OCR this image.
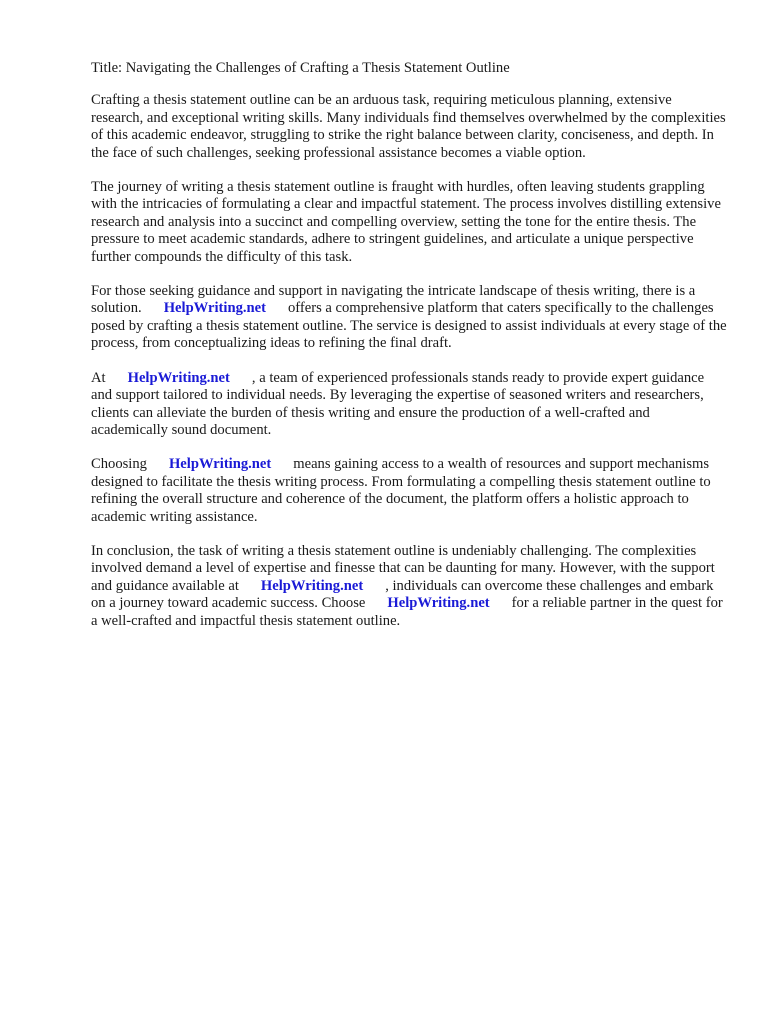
Title: Navigating the Challenges of Crafting a Thesis Statement Outline

Crafting a thesis statement outline can be an arduous task, requiring meticulous planning, extensive research, and exceptional writing skills. Many individuals find themselves overwhelmed by the complexities of this academic endeavor, struggling to strike the right balance between clarity, conciseness, and depth. In the face of such challenges, seeking professional assistance becomes a viable option.

The journey of writing a thesis statement outline is fraught with hurdles, often leaving students grappling with the intricacies of formulating a clear and impactful statement. The process involves distilling extensive research and analysis into a succinct and compelling overview, setting the tone for the entire thesis. The pressure to meet academic standards, adhere to stringent guidelines, and articulate a unique perspective further compounds the difficulty of this task.

For those seeking guidance and support in navigating the intricate landscape of thesis writing, there is a solution. HelpWriting.net offers a comprehensive platform that caters specifically to the challenges posed by crafting a thesis statement outline. The service is designed to assist individuals at every stage of the process, from conceptualizing ideas to refining the final draft.

At HelpWriting.net , a team of experienced professionals stands ready to provide expert guidance and support tailored to individual needs. By leveraging the expertise of seasoned writers and researchers, clients can alleviate the burden of thesis writing and ensure the production of a well-crafted and academically sound document.

Choosing HelpWriting.net means gaining access to a wealth of resources and support mechanisms designed to facilitate the thesis writing process. From formulating a compelling thesis statement outline to refining the overall structure and coherence of the document, the platform offers a holistic approach to academic writing assistance.

In conclusion, the task of writing a thesis statement outline is undeniably challenging. The complexities involved demand a level of expertise and finesse that can be daunting for many. However, with the support and guidance available at HelpWriting.net , individuals can overcome these challenges and embark on a journey toward academic success. Choose HelpWriting.net for a reliable partner in the quest for a well-crafted and impactful thesis statement outline.
